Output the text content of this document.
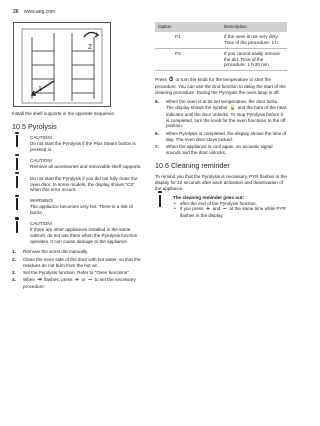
26 www.aeg.com
2
1
Install the shelf supports in the opposite sequence.
10.5 Pyrolysis
CAUTION!
Do not start the Pyrolysis if the Plus Steam button is pressed in.
CAUTION!
Remove all accessories and removable shelf supports.
Do not start the Pyrolysis if you did not fully close the oven door. In some models, the display shows "C3" when this error occurs.
WARNING!
The appliance becomes very hot. There is a risk of burns.
CAUTION!
If there are other appliances installed in the same cabinet, do not use them when the Pyrolysis function operates. It can cause damage to the appliance.
1.	Remove the worst dirt manually.
2.	Clean the inner side of the door with hot water, so that the residues do not burn from the hot air.
3.	Set the Pyrolysis function. Refer to "Oven functions".
4.	When ⇥ flashes, press + or − to set the necessary procedure:
Option	Description
P1	If the oven is not very dirty. Time of the procedure: 1 h.
P2	If you cannot easily remove the dirt. Time of the procedure: 1 h 30 min.

Press ⏱ or turn the knob for the temperature to start the procedure. You can use the End function to delay the start of the cleaning procedure. During the Pyrolysis the oven lamp is off.

5.	When the oven is at its set temperature, the door locks. The display shows the symbol 🔒 and the bars of the heat indicator until the door unlocks. To stop Pyrolysis before it is completed, turn the knob for the oven functions to the off position.
6.	When Pyrolysis is completed, the display shows the time of day. The oven door stays locked.
7.	When the appliance is cool again, an acoustic signal sounds and the door unlocks.
10.6 Cleaning reminder

To remind you that the Pyrolysis is necessary, PYR flashes in the display for 10 seconds after each activation and deactivation of the appliance.

The cleaning reminder goes out:
• after the end of the Pyrolysis function.
• if you press + and − at the same time while PYR flashes in the display.
